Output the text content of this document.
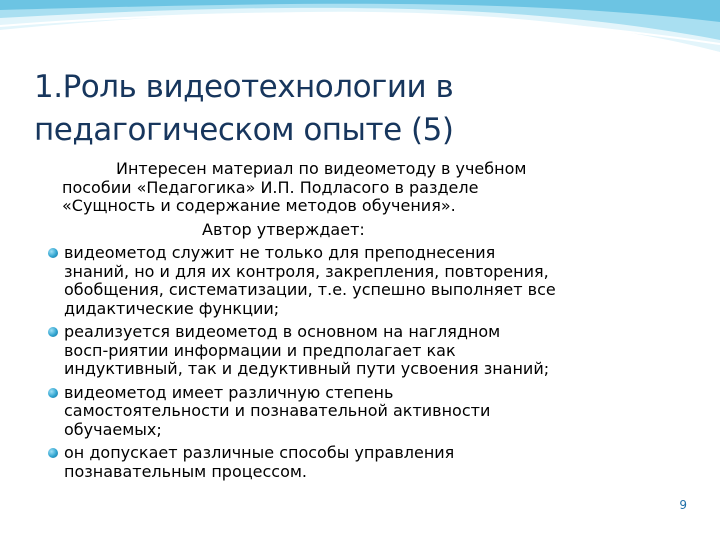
1.Роль видеотехнологии в
педагогическом опыте (5)
Интересен материал по видеометоду в учебном
пособии «Педагогика» И.П. Подласого в разделе
«Сущность и содержание методов обучения».
Автор утверждает:
видеометод служит не только для преподнесения
знаний, но и для их контроля, закрепления, повторения,
обобщения, систематизации, т.е. успешно выполняет все
дидактические функции;
реализуется видеометод в основном на наглядном
восп-риятии информации и предполагает как
индуктивный, так и дедуктивный пути усвоения знаний;
видеометод имеет различную степень
самостоятельности и познавательной активности
обучаемых;
он допускает различные способы управления
познавательным процессом.
9
